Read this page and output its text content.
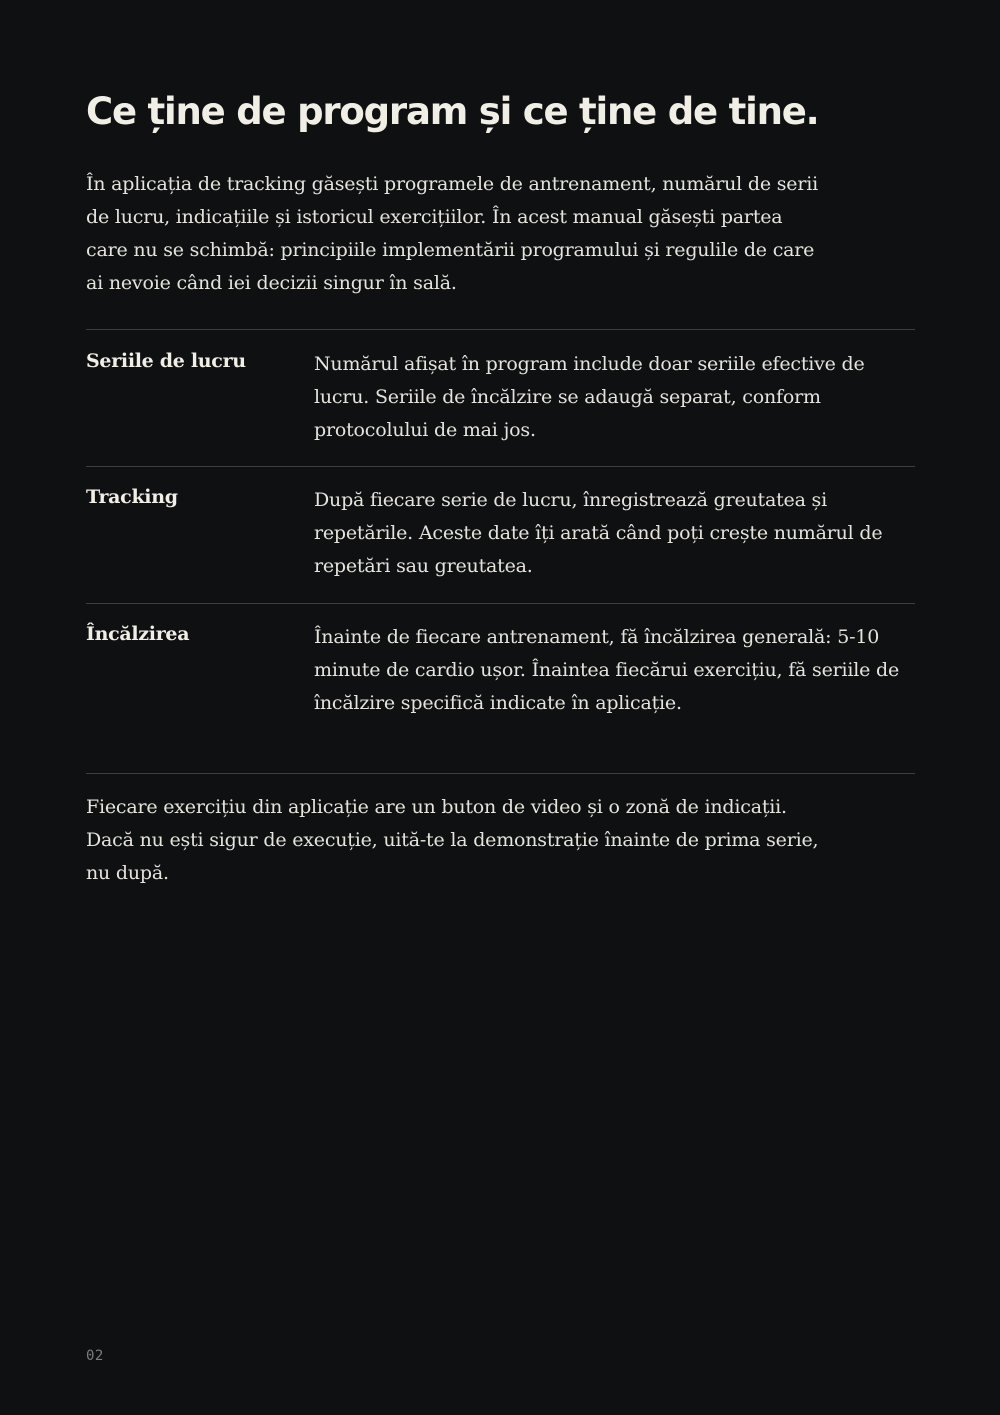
Ce ține de program și ce ține de tine.

În aplicația de tracking găsești programele de antrenament, numărul de serii de lucru, indicațiile și istoricul exercițiilor. În acest manual găsești partea care nu se schimbă: principiile implementării programului și regulile de care ai nevoie când iei decizii singur în sală.

Seriile de lucru	Numărul afișat în program include doar seriile efective de lucru. Seriile de încălzire se adaugă separat, conform protocolului de mai jos.

Tracking	După fiecare serie de lucru, înregistrează greutatea și repetările. Aceste date îți arată când poți crește numărul de repetări sau greutatea.

Încălzirea	Înainte de fiecare antrenament, fă încălzirea generală: 5-10 minute de cardio ușor. Înaintea fiecărui exercițiu, fă seriile de încălzire specifică indicate în aplicație.

Fiecare exercițiu din aplicație are un buton de video și o zonă de indicații. Dacă nu ești sigur de execuție, uită-te la demonstrație înainte de prima serie, nu după.

02
